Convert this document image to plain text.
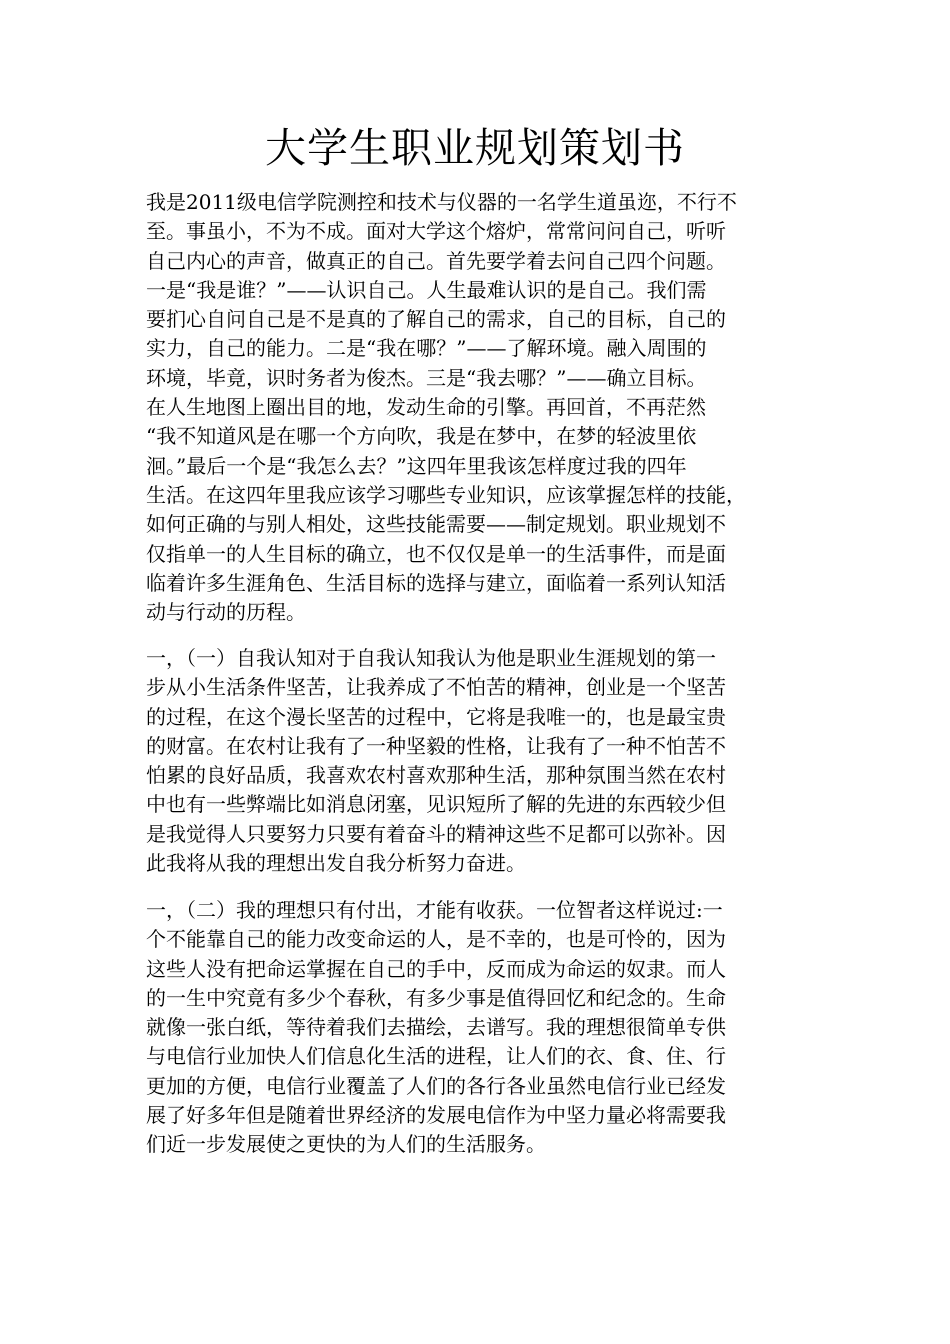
大学生职业规划策划书
我是2011级电信学院测控和技术与仪器的一名学生道虽迩，不行不
至。事虽小，不为不成。面对大学这个熔炉，常常问问自己，听听
自己内心的声音，做真正的自己。首先要学着去问自己四个问题。
一是“我是谁？”——认识自己。人生最难认识的是自己。我们需
要扪心自问自己是不是真的了解自己的需求，自己的目标，自己的
实力，自己的能力。二是“我在哪？”——了解环境。融入周围的
环境，毕竟，识时务者为俊杰。三是“我去哪？”——确立目标。
在人生地图上圈出目的地，发动生命的引擎。再回首，不再茫然
“我不知道风是在哪一个方向吹，我是在梦中，在梦的轻波里依
洄。”最后一个是“我怎么去？”这四年里我该怎样度过我的四年
生活。在这四年里我应该学习哪些专业知识，应该掌握怎样的技能，
如何正确的与别人相处，这些技能需要——制定规划。职业规划不
仅指单一的人生目标的确立，也不仅仅是单一的生活事件，而是面
临着许多生涯角色、生活目标的选择与建立，面临着一系列认知活
动与行动的历程。
一，（一）自我认知对于自我认知我认为他是职业生涯规划的第一
步从小生活条件坚苦，让我养成了不怕苦的精神，创业是一个坚苦
的过程，在这个漫长坚苦的过程中，它将是我唯一的，也是最宝贵
的财富。在农村让我有了一种坚毅的性格，让我有了一种不怕苦不
怕累的良好品质，我喜欢农村喜欢那种生活，那种氛围当然在农村
中也有一些弊端比如消息闭塞，见识短所了解的先进的东西较少但
是我觉得人只要努力只要有着奋斗的精神这些不足都可以弥补。因
此我将从我的理想出发自我分析努力奋进。
一，（二）我的理想只有付出，才能有收获。一位智者这样说过:一
个不能靠自己的能力改变命运的人，是不幸的，也是可怜的，因为
这些人没有把命运掌握在自己的手中，反而成为命运的奴隶。而人
的一生中究竟有多少个春秋，有多少事是值得回忆和纪念的。生命
就像一张白纸，等待着我们去描绘，去谱写。我的理想很简单专供
与电信行业加快人们信息化生活的进程，让人们的衣、食、住、行
更加的方便，电信行业覆盖了人们的各行各业虽然电信行业已经发
展了好多年但是随着世界经济的发展电信作为中坚力量必将需要我
们近一步发展使之更快的为人们的生活服务。
